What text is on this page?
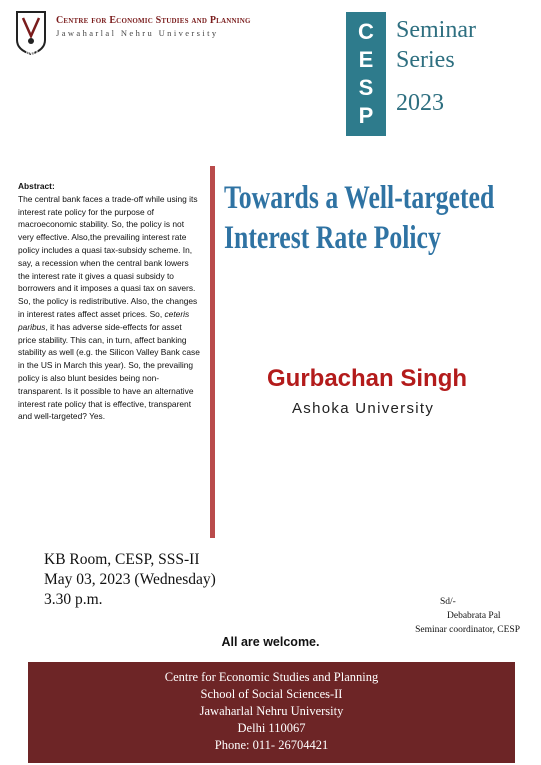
JNU
Centre for Economic Studies and Planning
Jawaharlal Nehru University	C
E
S
P
Seminar
Series
2023
Abstract:
The central bank faces a trade-off while using its interest rate policy for the purpose of macroeconomic stability. So, the policy is not very effective. Also,the prevailing interest rate policy includes a quasi tax-subsidy scheme. In, say, a recession when the central bank lowers the interest rate it gives a quasi subsidy to borrowers and it imposes a quasi tax on savers. So, the policy is redistributive. Also, the changes in interest rates affect asset prices. So, ceteris paribus, it has adverse side-effects for asset price stability. This can, in turn, affect banking stability as well (e.g. the Silicon Valley Bank case in the US in March this year). So, the prevailing policy is also blunt besides being non-transparent. Is it possible to have an alternative interest rate policy that is effective, transparent and well-targeted? Yes.
Towards a Well-targeted
Interest Rate Policy
Gurbachan Singh
Ashoka University
KB Room, CESP, SSS-II
May 03, 2023 (Wednesday)
3.30 p.m.	Sd/-
Debabrata Pal
Seminar coordinator, CESP
All are welcome.
Centre for Economic Studies and Planning
School of Social Sciences-II
Jawaharlal Nehru University
Delhi 110067
Phone: 011- 26704421
